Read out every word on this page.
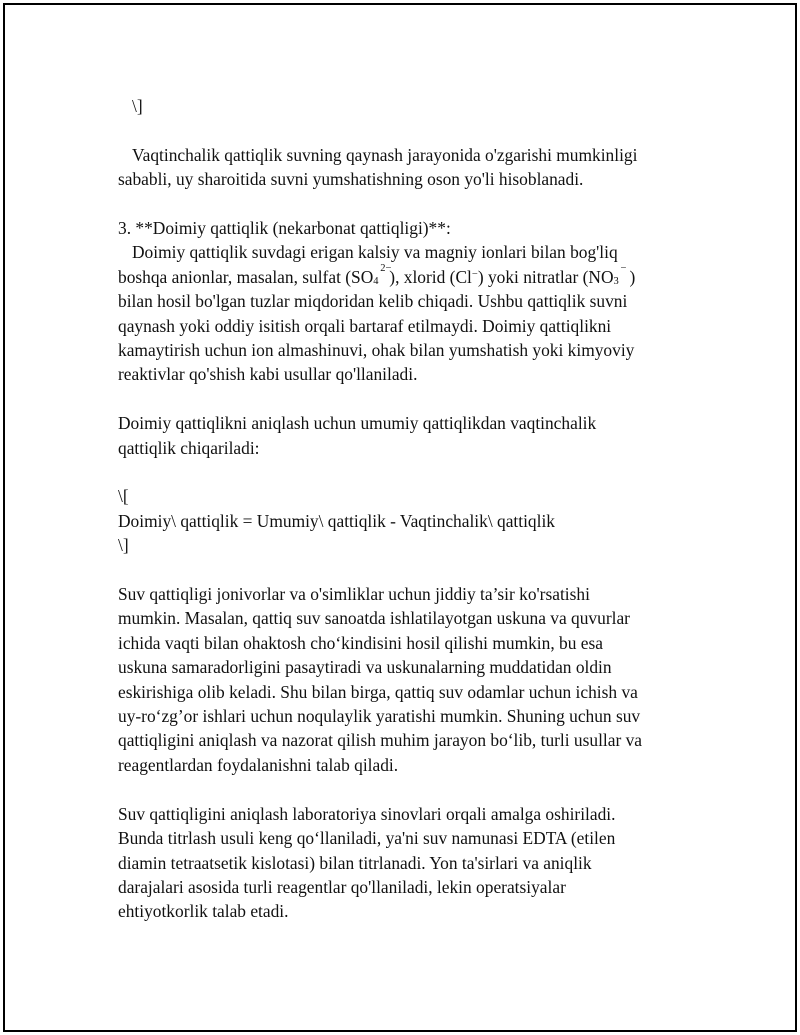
\]
Vaqtinchalik qattiqlik suvning qaynash jarayonida o'zgarishi mumkinligi
sababli, uy sharoitida suvni yumshatishning oson yo'li hisoblanadi.
3. **Doimiy qattiqlik (nekarbonat qattiqligi)**:
Doimiy qattiqlik suvdagi erigan kalsiy va magniy ionlari bilan bog'liq
boshqa anionlar, masalan, sulfat (SO 4
2−
), xlorid (Cl−) yoki nitratlar (NO 3
− )
bilan hosil bo'lgan tuzlar miqdoridan kelib chiqadi. Ushbu qattiqlik suvni
qaynash yoki oddiy isitish orqali bartaraf etilmaydi. Doimiy qattiqlikni
kamaytirish uchun ion almashinuvi, ohak bilan yumshatish yoki kimyoviy
reaktivlar qo'shish kabi usullar qo'llaniladi.
Doimiy qattiqlikni aniqlash uchun umumiy qattiqlikdan vaqtinchalik
qattiqlik chiqariladi:
\[
Doimiy\ qattiqlik = Umumiy\ qattiqlik - Vaqtinchalik\ qattiqlik
\]
Suv qattiqligi jonivorlar va o'simliklar uchun jiddiy ta’sir ko'rsatishi
mumkin. Masalan, qattiq suv sanoatda ishlatilayotgan uskuna va quvurlar
ichida vaqti bilan ohaktosh cho‘kindisini hosil qilishi mumkin, bu esa
uskuna samaradorligini pasaytiradi va uskunalarning muddatidan oldin
eskirishiga olib keladi. Shu bilan birga, qattiq suv odamlar uchun ichish va
uy-ro‘zg’or ishlari uchun noqulaylik yaratishi mumkin. Shuning uchun suv
qattiqligini aniqlash va nazorat qilish muhim jarayon bo‘lib, turli usullar va
reagentlardan foydalanishni talab qiladi.
Suv qattiqligini aniqlash laboratoriya sinovlari orqali amalga oshiriladi.
Bunda titrlash usuli keng qo‘llaniladi, ya'ni suv namunasi EDTA (etilen
diamin tetraatsetik kislotasi) bilan titrlanadi. Yon ta'sirlari va aniqlik
darajalari asosida turli reagentlar qo'llaniladi, lekin operatsiyalar
ehtiyotkorlik talab etadi.
